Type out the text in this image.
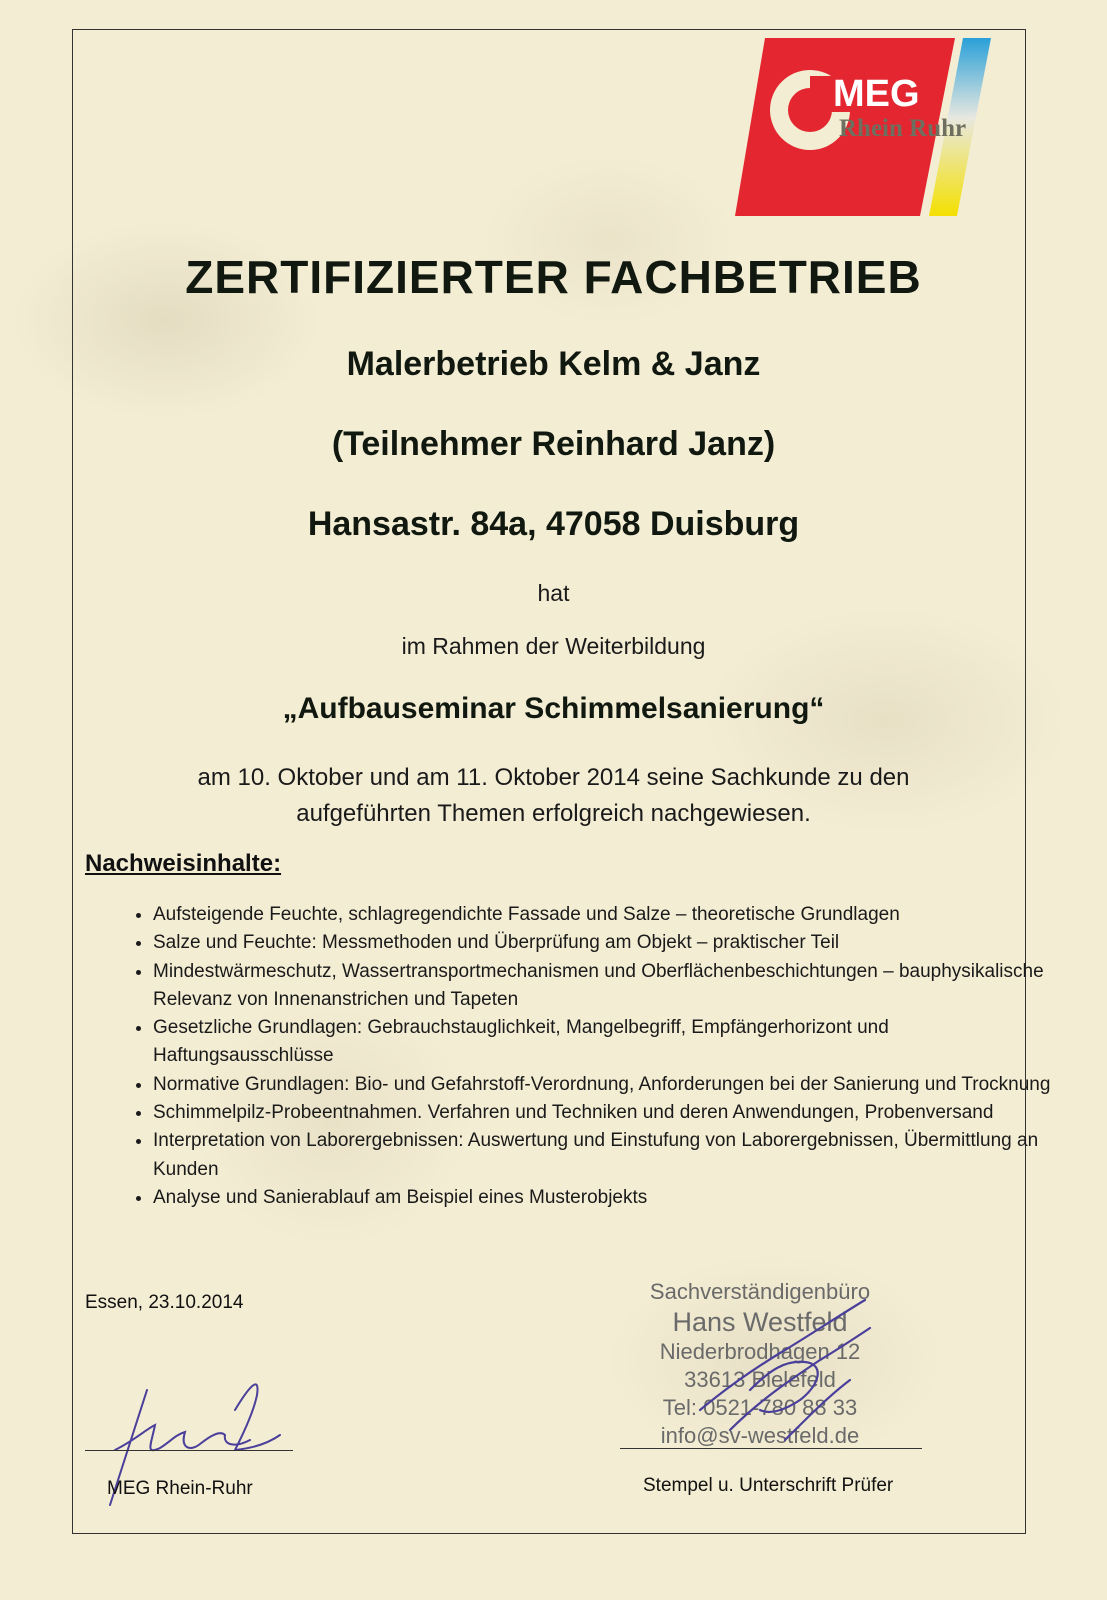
MEG
Rhein Ruhr
ZERTIFIZIERTER FACHBETRIEB
Malerbetrieb Kelm & Janz
(Teilnehmer Reinhard Janz)
Hansastr. 84a, 47058 Duisburg
hat
im Rahmen der Weiterbildung
„Aufbauseminar Schimmelsanierung“
am 10. Oktober und am 11. Oktober 2014 seine Sachkunde zu den
aufgeführten Themen erfolgreich nachgewiesen.
Nachweisinhalte:
• Aufsteigende Feuchte, schlagregendichte Fassade und Salze – theoretische Grundlagen
• Salze und Feuchte: Messmethoden und Überprüfung am Objekt – praktischer Teil
• Mindestwärmeschutz, Wassertransportmechanismen und Oberflächenbeschichtungen – bauphysikalische Relevanz von Innenanstrichen und Tapeten
• Gesetzliche Grundlagen: Gebrauchstauglichkeit, Mangelbegriff, Empfängerhorizont und Haftungsausschlüsse
• Normative Grundlagen: Bio- und Gefahrstoff-Verordnung, Anforderungen bei der Sanierung und Trocknung
• Schimmelpilz-Probeentnahmen. Verfahren und Techniken und deren Anwendungen, Probenversand
• Interpretation von Laborergebnissen: Auswertung und Einstufung von Laborergebnissen, Übermittlung an Kunden
• Analyse und Sanierablauf am Beispiel eines Musterobjekts
Essen, 23.10.2014	Sachverständigenbüro
Hans Westfeld
Niederbrodhagen 12
33613 Bielefeld
Tel: 0521-780 88 33
info@sv-westfeld.de
MEG Rhein-Ruhr	Stempel u. Unterschrift Prüfer
